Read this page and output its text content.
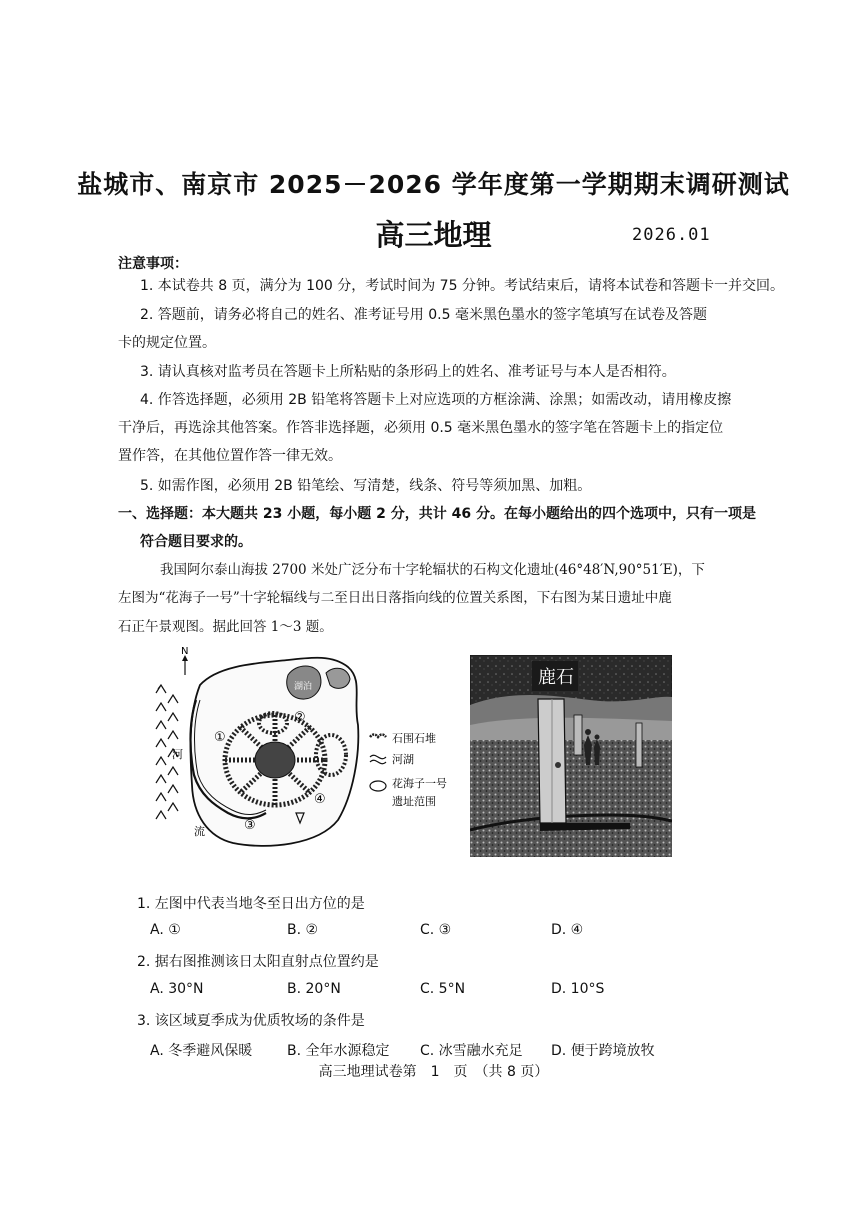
盐城市、南京市 2025－2026 学年度第一学期期末调研测试
高三地理	2026.01
注意事项：
1. 本试卷共 8 页，满分为 100 分，考试时间为 75 分钟。考试结束后，请将本试卷和答题卡一并交回。
2. 答题前，请务必将自己的姓名、准考证号用 0.5 毫米黑色墨水的签字笔填写在试卷及答题
卡的规定位置。
3. 请认真核对监考员在答题卡上所粘贴的条形码上的姓名、准考证号与本人是否相符。
4. 作答选择题，必须用 2B 铅笔将答题卡上对应选项的方框涂满、涂黑；如需改动，请用橡皮擦
干净后，再选涂其他答案。作答非选择题，必须用 0.5 毫米黑色墨水的签字笔在答题卡上的指定位
置作答，在其他位置作答一律无效。
5. 如需作图，必须用 2B 铅笔绘、写清楚，线条、符号等须加黑、加粗。
一、选择题：本大题共 23 小题，每小题 2 分，共计 46 分。在每小题给出的四个选项中，只有一项是
符合题目要求的。
我国阿尔泰山海拔 2700 米处广泛分布十字轮辐状的石构文化遗址(46°48′N,90°51′E)，下
左图为“花海子一号”十字轮辐线与二至日出日落指向线的位置关系图，下右图为某日遗址中鹿
石正午景观图。据此回答 1～3 题。
N
湖泊
河
流
①
②
③
④
石围石堆
河湖
花海子一号
遗址范围
鹿石
1. 左图中代表当地冬至日出方位的是
A. ①	B. ②	C. ③	D. ④
2. 据右图推测该日太阳直射点位置约是
A. 30°N	B. 20°N	C. 5°N	D. 10°S
3. 该区域夏季成为优质牧场的条件是
A. 冬季避风保暖 B. 全年水源稳定 C. 冰雪融水充足 D. 便于跨境放牧
高三地理试卷第　1　页　（共 8 页）
